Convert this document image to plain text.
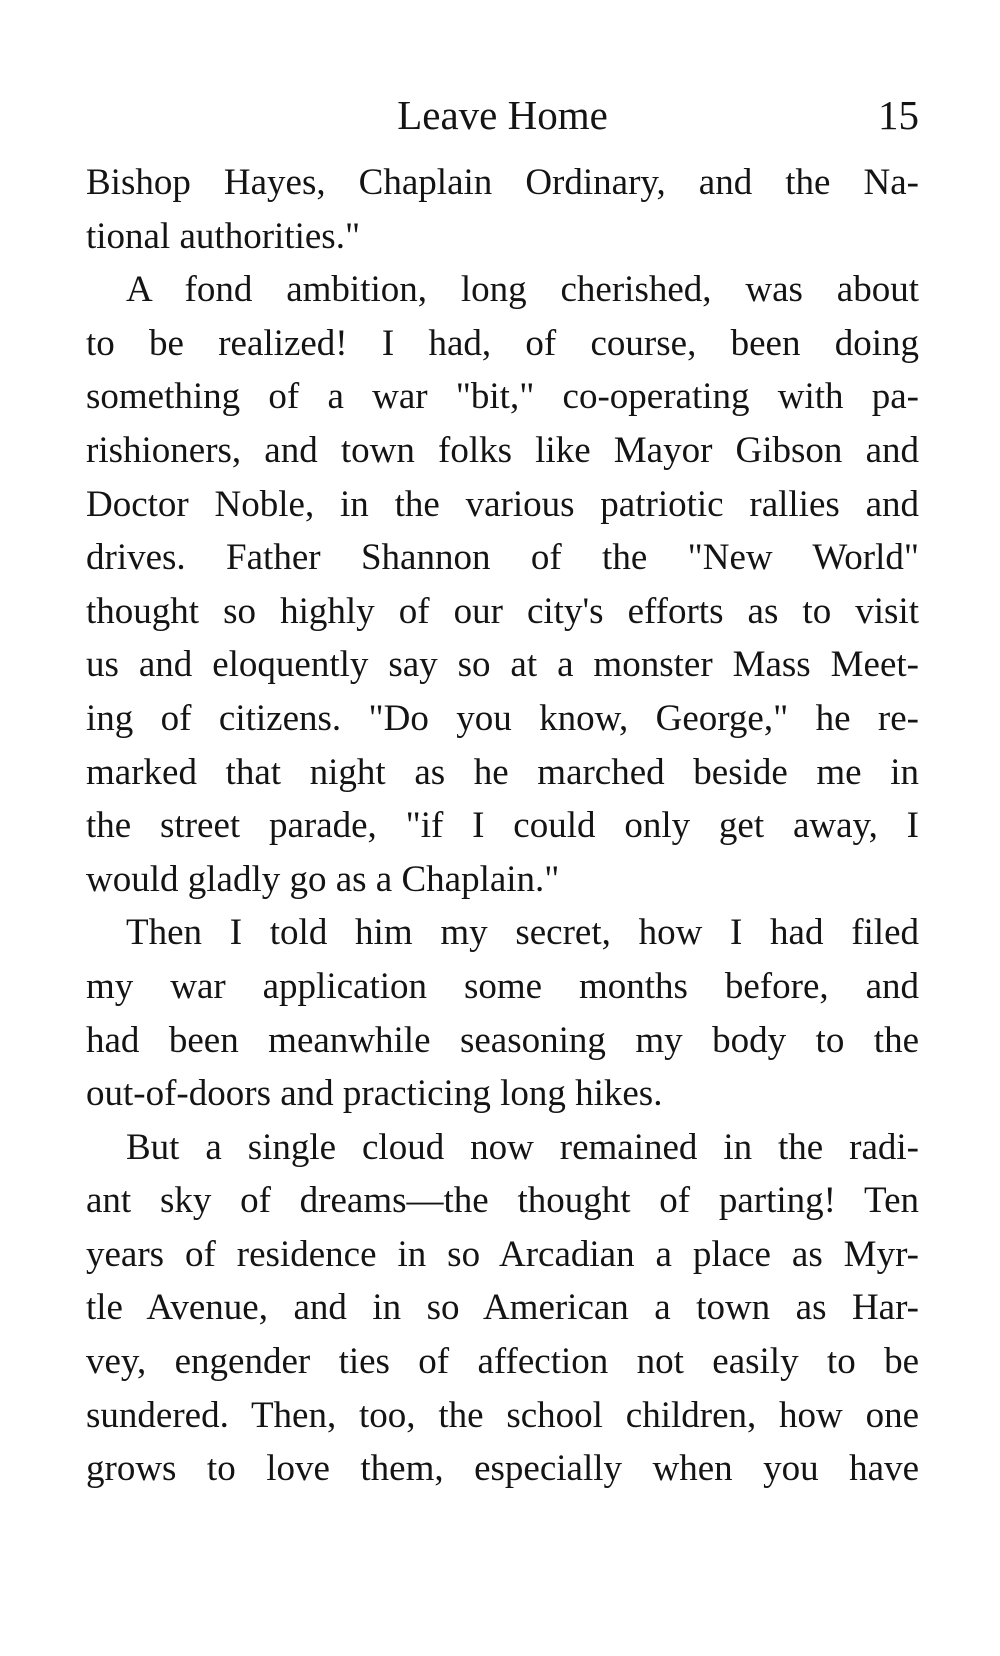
Leave Home	15
Bishop Hayes, Chaplain Ordinary, and the Na-
tional authorities."
A fond ambition, long cherished, was about
to be realized! I had, of course, been doing
something of a war "bit," co-operating with pa-
rishioners, and town folks like Mayor Gibson and
Doctor Noble, in the various patriotic rallies and
drives. Father Shannon of the "New World"
thought so highly of our city's efforts as to visit
us and eloquently say so at a monster Mass Meet-
ing of citizens. "Do you know, George," he re-
marked that night as he marched beside me in
the street parade, "if I could only get away, I
would gladly go as a Chaplain."
Then I told him my secret, how I had filed
my war application some months before, and
had been meanwhile seasoning my body to the
out-of-doors and practicing long hikes.
But a single cloud now remained in the radi-
ant sky of dreams—the thought of parting! Ten
years of residence in so Arcadian a place as Myr-
tle Avenue, and in so American a town as Har-
vey, engender ties of affection not easily to be
sundered. Then, too, the school children, how one
grows to love them, especially when you have
